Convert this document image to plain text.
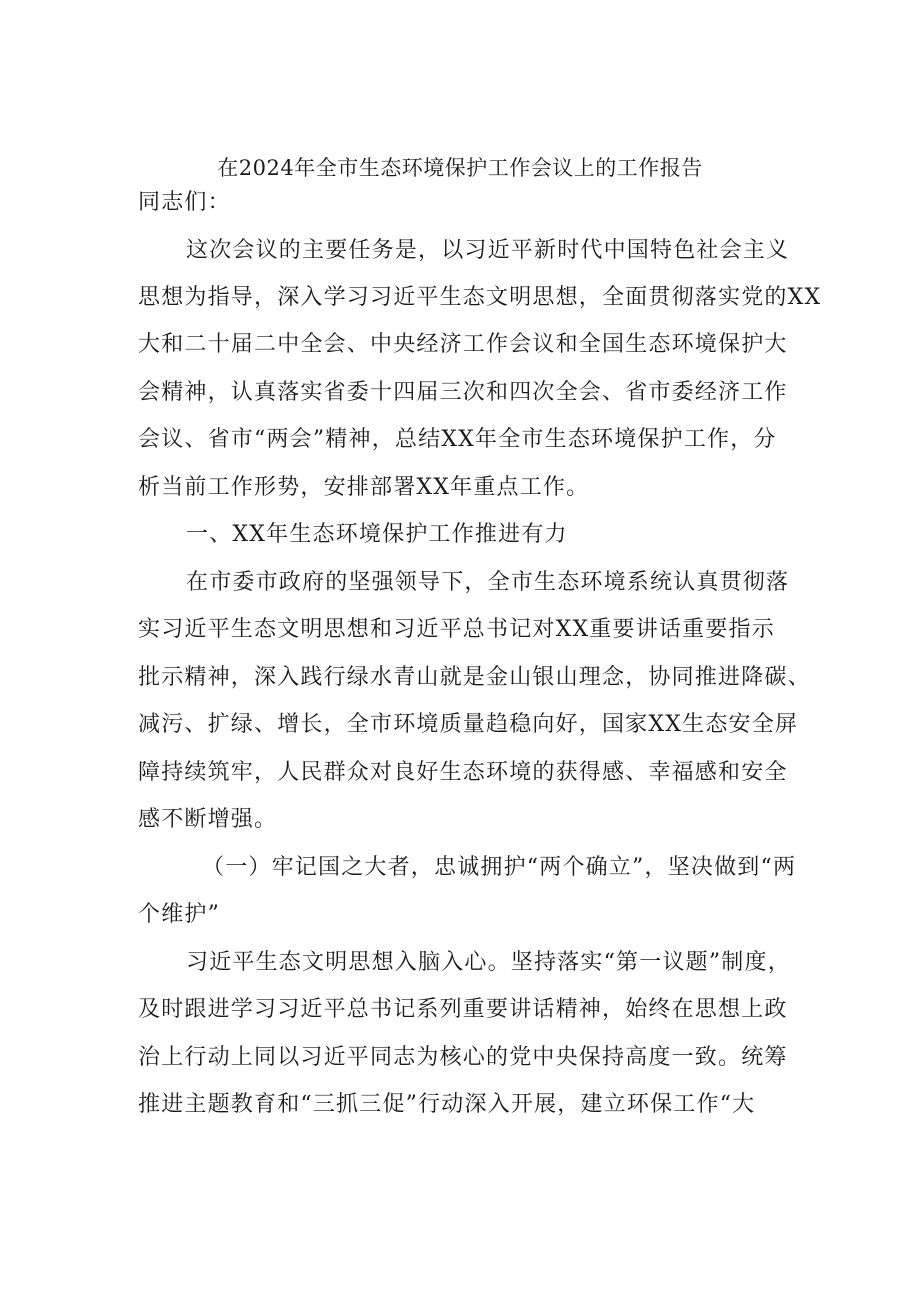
在2024年全市生态环境保护工作会议上的工作报告
同志们：
这次会议的主要任务是，以习近平新时代中国特色社会主义
思想为指导，深入学习习近平生态文明思想，全面贯彻落实党的XX
大和二十届二中全会、中央经济工作会议和全国生态环境保护大
会精神，认真落实省委十四届三次和四次全会、省市委经济工作
会议、省市“两会”精神，总结XX年全市生态环境保护工作，分
析当前工作形势，安排部署XX年重点工作。
一、XX年生态环境保护工作推进有力
在市委市政府的坚强领导下，全市生态环境系统认真贯彻落
实习近平生态文明思想和习近平总书记对XX重要讲话重要指示
批示精神，深入践行绿水青山就是金山银山理念，协同推进降碳、
减污、扩绿、增长，全市环境质量趋稳向好，国家XX生态安全屏
障持续筑牢，人民群众对良好生态环境的获得感、幸福感和安全
感不断增强。
（一）牢记国之大者，忠诚拥护“两个确立”，坚决做到“两
个维护”
习近平生态文明思想入脑入心。坚持落实“第一议题”制度，
及时跟进学习习近平总书记系列重要讲话精神，始终在思想上政
治上行动上同以习近平同志为核心的党中央保持高度一致。统筹
推进主题教育和“三抓三促”行动深入开展，建立环保工作“大
